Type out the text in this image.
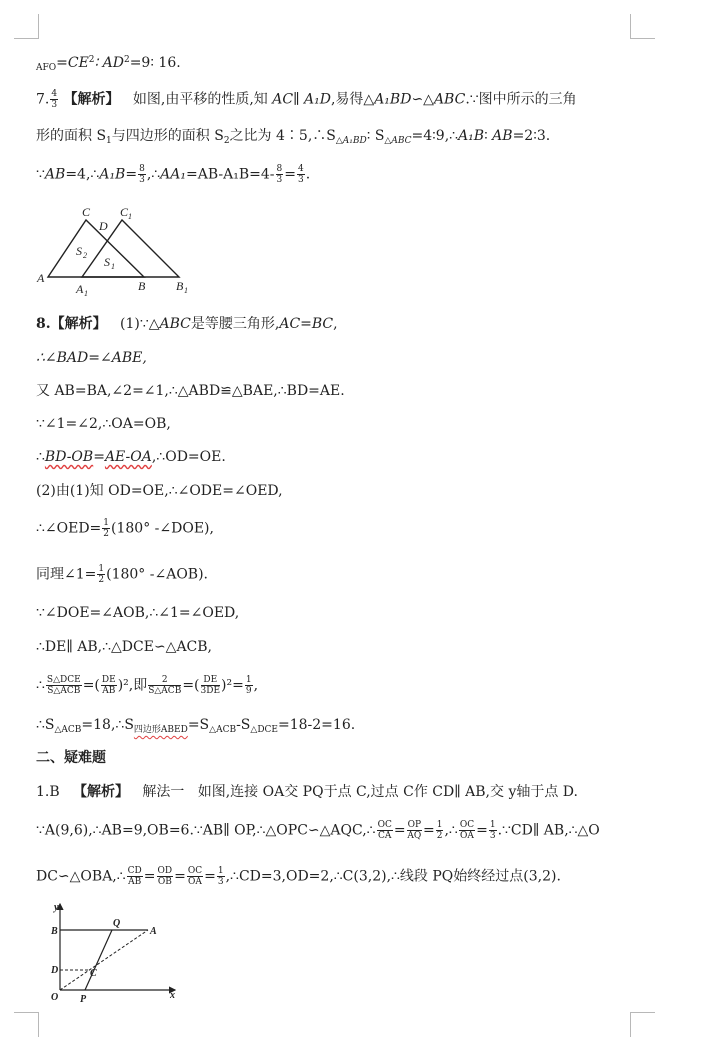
$_{AFO}=CE^2∶$ $AD^2=9∶$ 16.
7. $\frac{4}{3}$ 【解析】 如图,由平移的性质,知 AC∥ A₁D,易得△A₁BD∽△ABC.∵图中所示的三角
形的面积 $S_1$与四边形的面积 $S_2$之比为 $4∶5,\therefore S_{\triangle A_1BD}∶$ $S_{\triangle ABC}=4∶9,\therefore A_1B∶$ AB=2∶3.
∵AB=4,∴A₁B= $\frac{8}{3}$ ,∴AA₁=AB-A₁B=4- $\frac{8}{3} = \frac{4}{3}$ .
C
D
C 1
S 2 S 1
A
A 1
B	B 1
8.【解析】 (1)∵△ABC是等腰三角形,AC=BC,
∴∠BAD=∠ABE,
又 AB=BA,∠2=∠1,∴△ABD≌△BAE,∴BD=AE.
∵∠1=∠2,∴OA=OB,
∴BD-OB=AE-OA,∴OD=OE.
(2)由(1)知 OD=OE,∴∠ODE=∠OED,
∴∠OED= $\frac{1}{2} (180^\circ$ -∠DOE),
同理∠1= $\frac{1}{2} (180^\circ$ -∠AOB).
∵∠DOE=∠AOB,∴∠1=∠OED,
∴DE∥ AB,∴△DCE∽△ACB,
∴ $\frac{\text{S△DCE}}{\text{S△ACB}}$ =( $\frac{DE}{AB} )^2$,即 $\frac{2}{\text{S△ACB}}$ =( $\frac{DE}{3DE} )^2= \frac{1}{9}$ ,
$\therefore S_{\triangle ACB}=18,\therefore S_{四边形ABED}=S_{\triangle ACB}-S_{\triangle DCE}=18-2=16$.
二、疑难题
1.B 【解析】 解法一 如图,连接 OA交 PQ于点 C,过点 C作 CD∥ AB,交 y轴于点 D.
∵A(9,6),∴AB=9,OB=6.∵AB∥ OP,∴△OPC∽△AQC,∴ $\frac{OC}{CA} = \frac{OP}{AQ} = \frac{1}{2}$ ,∴ $\frac{OC}{OA} = \frac{1}{3}$ .∵CD∥ AB,∴△O
DC∽△OBA,∴ $\frac{CD}{AB} = \frac{OD}{OB} = \frac{OC}{OA} = \frac{1}{3}$ ,∴CD=3,OD=2,∴C(3,2),∴线段 PQ始终经过点(3,2).
y
x
B
Q
A
D	C
O P
